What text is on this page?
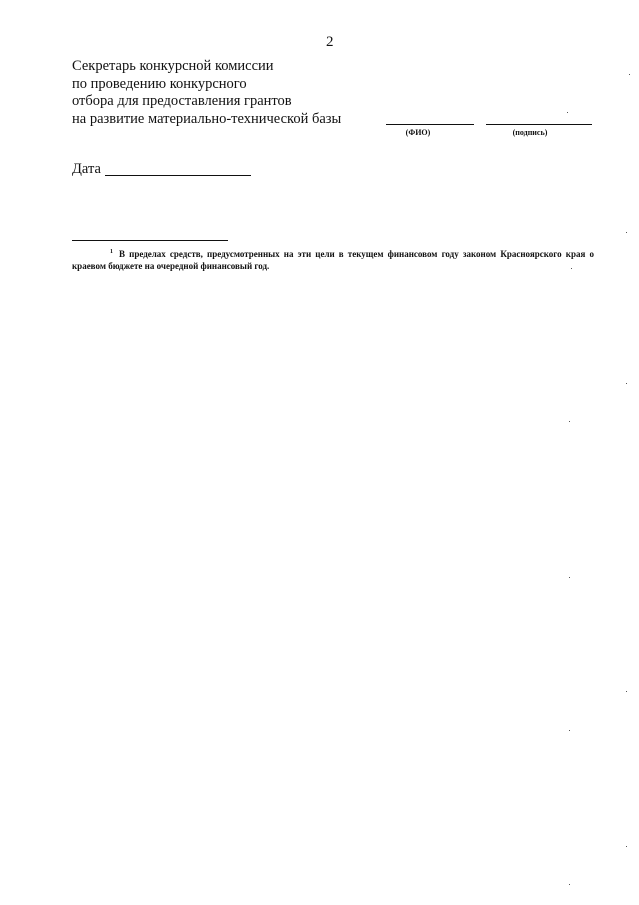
2
Секретарь конкурсной комиссии
по проведению конкурсного
отбора для предоставления грантов
на развитие материально-технической базы
(ФИО)	(подпись)
Дата
$^1$ В пределах средств, предусмотренных на эти цели в текущем финансовом году законом Красноярского края о краевом бюджете на очередной финансовый год.
